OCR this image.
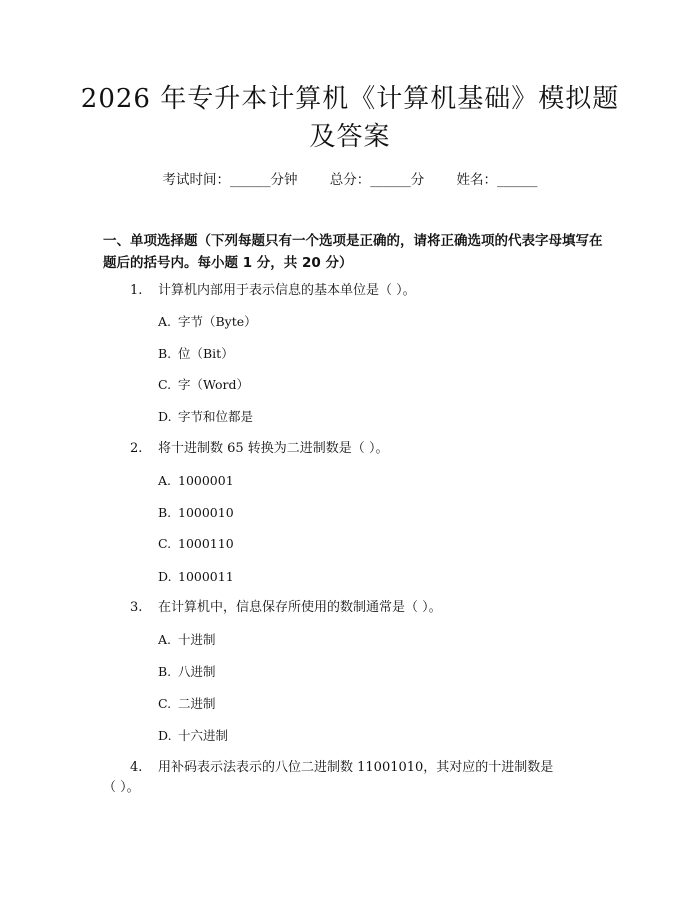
2026 年专升本计算机《计算机基础》模拟题
及答案
考试时间：______分钟 总分：______分 姓名：______

一、单项选择题（下列每题只有一个选项是正确的，请将正确选项的代表字母填写在题后的括号内。每小题 1 分，共 20 分）

1. 计算机内部用于表示信息的基本单位是（ ）。
A. 字节（Byte）
B. 位（Bit）
C. 字（Word）
D. 字节和位都是
2. 将十进制数 65 转换为二进制数是（ ）。
A. 1000001
B. 1000010
C. 1000110
D. 1000011
3. 在计算机中，信息保存所使用的数制通常是（ ）。
A. 十进制
B. 八进制
C. 二进制
D. 十六进制
4. 用补码表示法表示的八位二进制数 11001010，其对应的十进制数是
（ ）。
